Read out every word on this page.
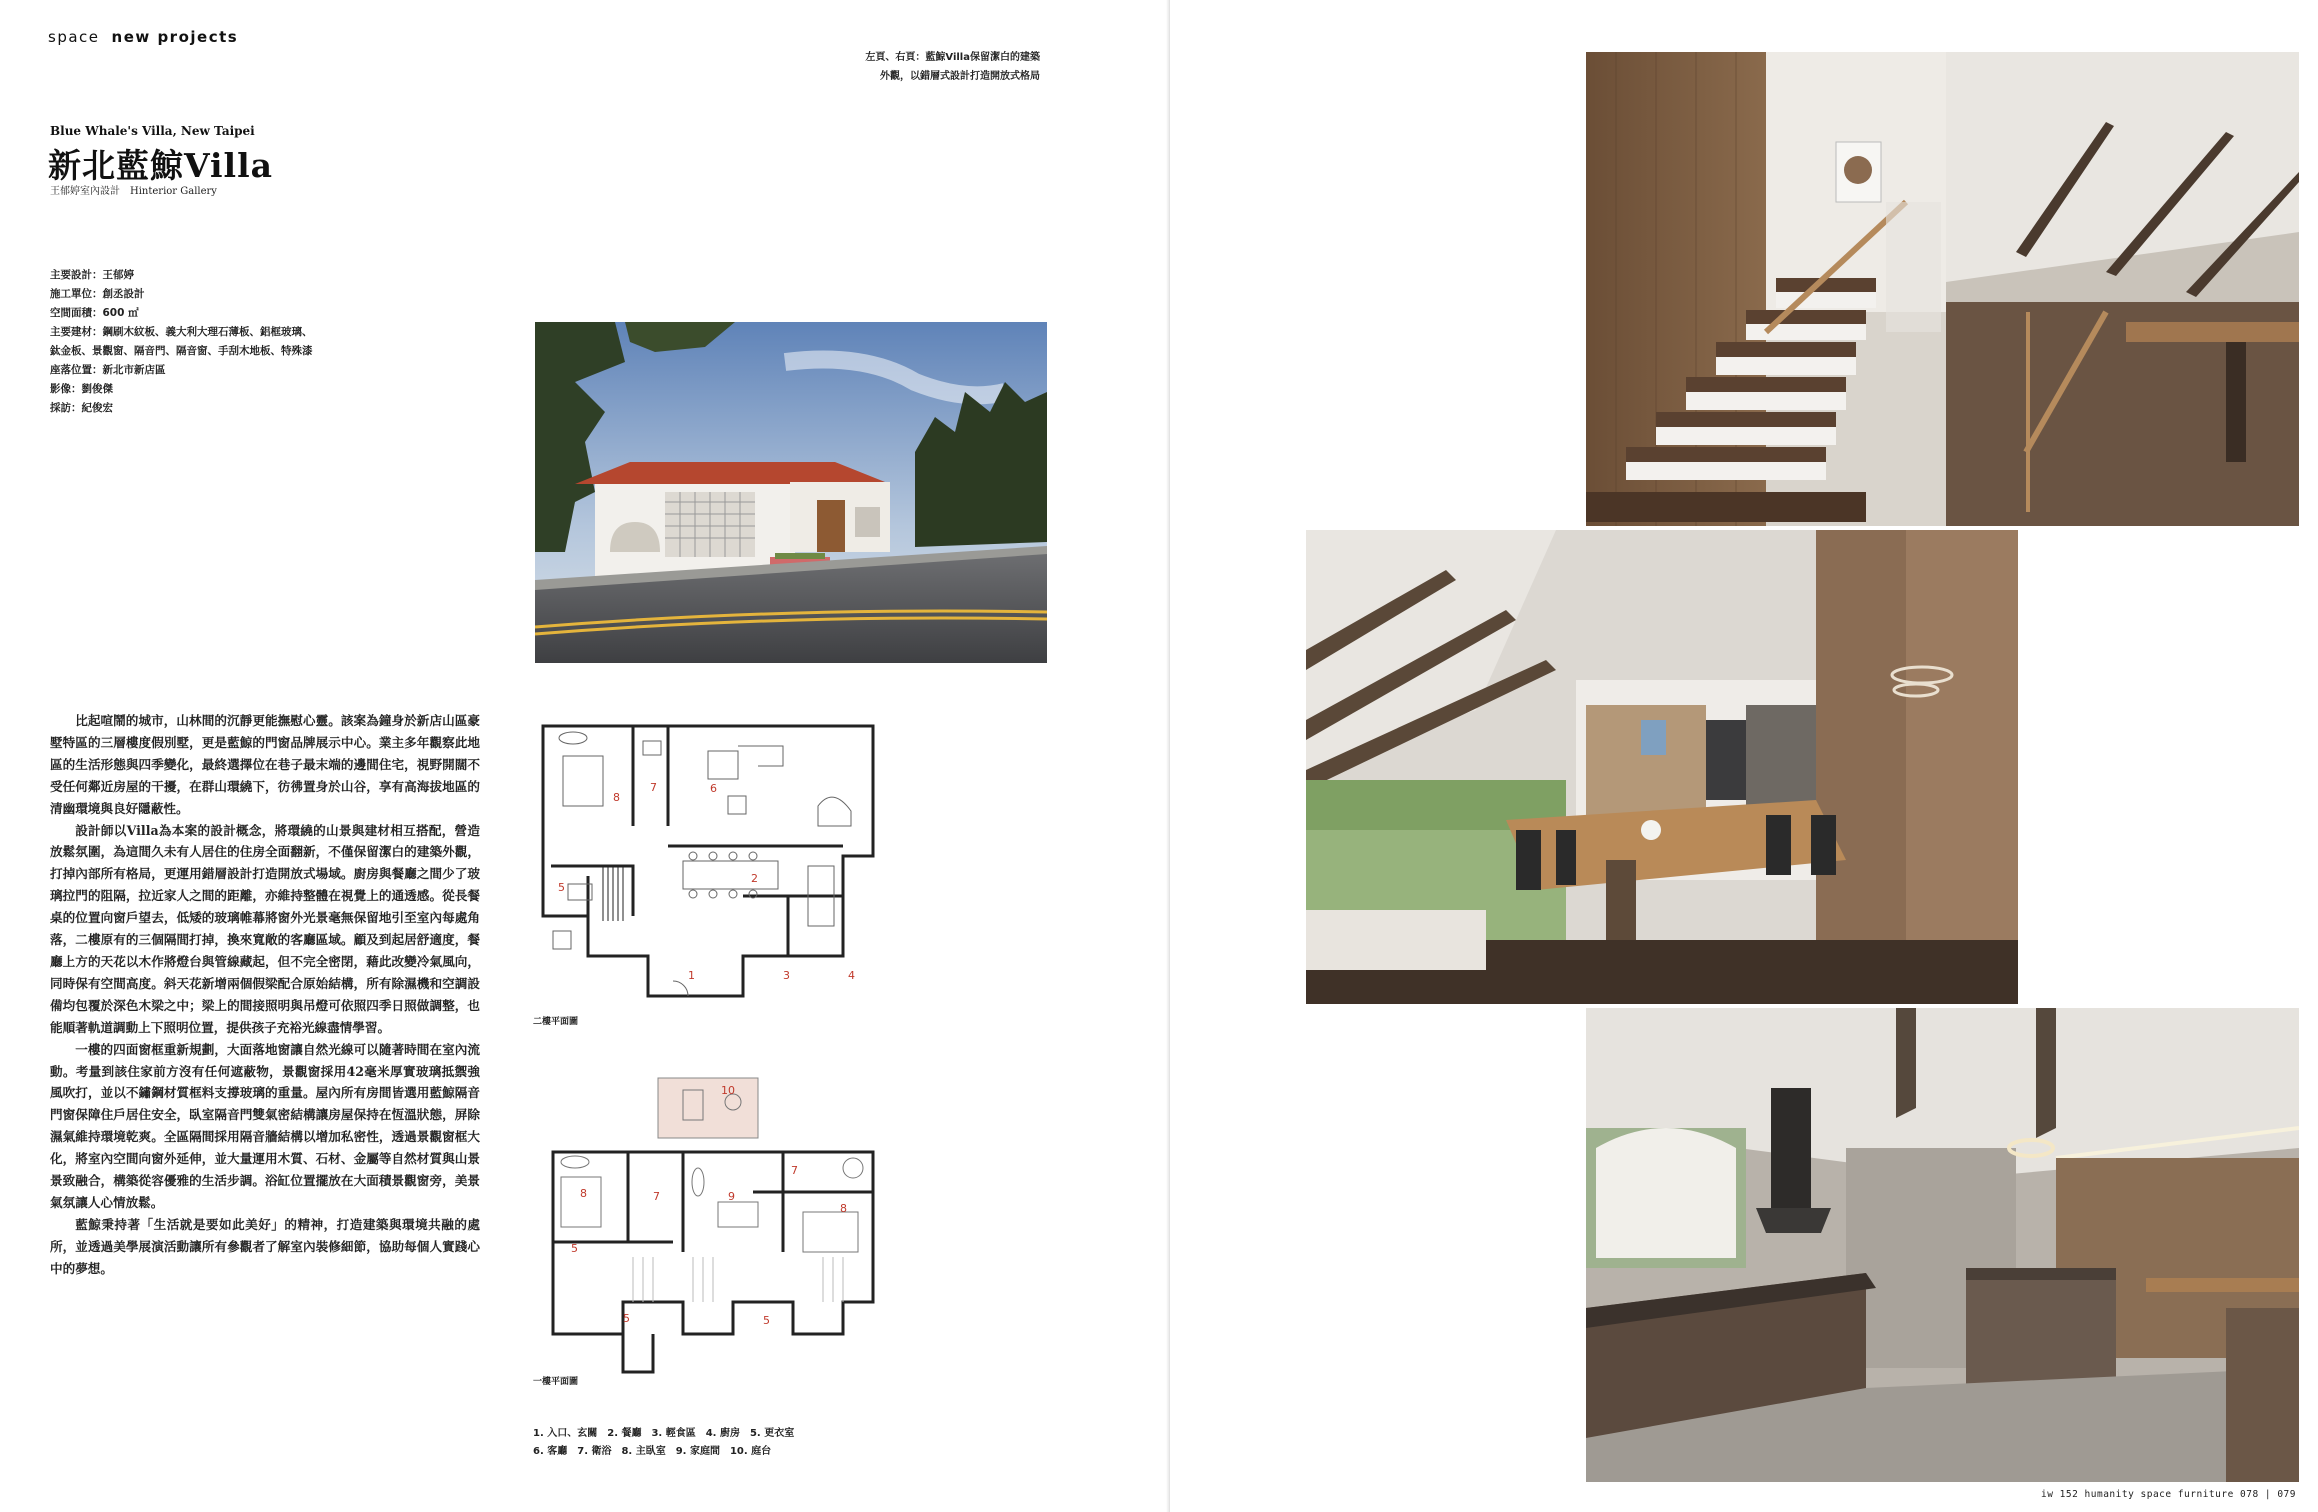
space new projects
左頁、右頁：藍鯨Villa保留潔白的建築
外觀，以錯層式設計打造開放式格局
Blue Whale's Villa, New Taipei
新北藍鯨Villa
王郁婷室內設計　Hinterior Gallery
主要設計：王郁婷
施工單位：創丞設計
空間面積：600 ㎡
主要建材：鋼刷木紋板、義大利大理石薄板、鋁框玻璃、
鈦金板、景觀窗、隔音門、隔音窗、手刮木地板、特殊漆
座落位置：新北市新店區
影像：劉俊傑
採訪：紀俊宏

比起喧鬧的城市，山林間的沉靜更能撫慰心靈。該案為鐘身於新店山區豪墅特區的三層樓度假別墅，更是藍鯨的門窗品牌展示中心。業主多年觀察此地區的生活形態與四季變化，最終選擇位在巷子最末端的邊間住宅，視野開闊不受任何鄰近房屋的干擾，在群山環繞下，彷彿置身於山谷，享有高海拔地區的清幽環境與良好隱蔽性。

設計師以Villa為本案的設計概念，將環繞的山景與建材相互搭配，營造放鬆氛圍，為這間久未有人居住的住房全面翻新，不僅保留潔白的建築外觀，打掉內部所有格局，更運用錯層設計打造開放式場域。廚房與餐廳之間少了玻璃拉門的阻隔，拉近家人之間的距離，亦維持整體在視覺上的通透感。從長餐桌的位置向窗戶望去，低矮的玻璃帷幕將窗外光景毫無保留地引至室內每處角落，二樓原有的三個隔間打掉，換來寬敞的客廳區域。顧及到起居舒適度，餐廳上方的天花以木作將燈台與管線藏起，但不完全密閉，藉此改變冷氣風向，同時保有空間高度。斜天花新增兩個假梁配合原始結構，所有除濕機和空調設備均包覆於深色木梁之中；梁上的間接照明與吊燈可依照四季日照做調整，也能順著軌道調動上下照明位置，提供孩子充裕光線盡情學習。

一樓的四面窗框重新規劃，大面落地窗讓自然光線可以隨著時間在室內流動。考量到該住家前方沒有任何遮蔽物，景觀窗採用42毫米厚實玻璃抵禦強風吹打，並以不鏽鋼材質框料支撐玻璃的重量。屋內所有房間皆選用藍鯨隔音門窗保障住戶居住安全，臥室隔音門雙氣密結構讓房屋保持在恆溫狀態，屏除濕氣維持環境乾爽。全區隔間採用隔音牆結構以增加私密性，透過景觀窗框大化，將室內空間向窗外延伸，並大量運用木質、石材、金屬等自然材質與山景景致融合，構築從容優雅的生活步調。浴缸位置擺放在大面積景觀窗旁，美景氣氛讓人心情放鬆。

藍鯨秉持著「生活就是要如此美好」的精神，打造建築與環境共融的處所，並透過美學展演活動讓所有參觀者了解室內裝修細節，協助每個人實踐心中的夢想。

8
7	6
5
2
1	3	4
二樓平面圖
10
8	7	9
7
8
5	5
5
一樓平面圖
1. 入口、玄關　2. 餐廳　3. 輕食區　4. 廚房　5. 更衣室
6. 客廳　7. 衛浴　8. 主臥室　9. 家庭間　10. 庭台
iw 152 humanity space furniture 078 | 079
